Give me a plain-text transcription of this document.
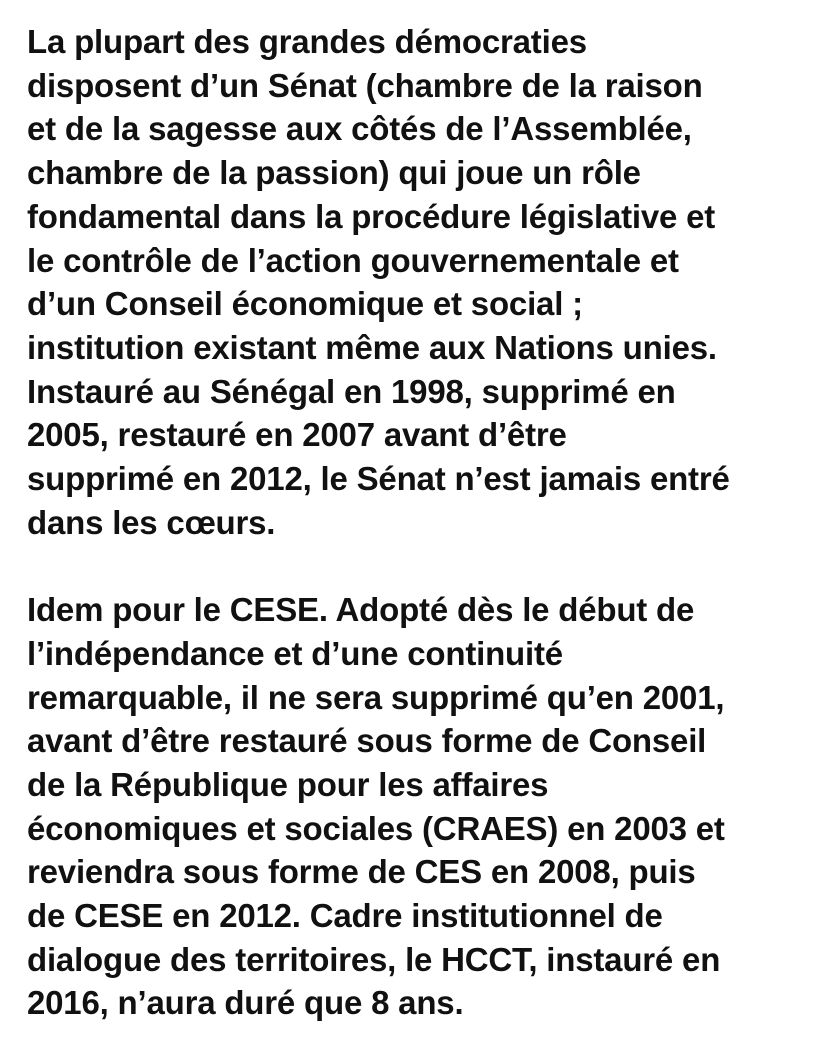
La plupart des grandes démocraties
disposent d’un Sénat (chambre de la raison
et de la sagesse aux côtés de l’Assemblée,
chambre de la passion) qui joue un rôle
fondamental dans la procédure législative et
le contrôle de l’action gouvernementale et
d’un Conseil économique et social ;
institution existant même aux Nations unies.
Instauré au Sénégal en 1998, supprimé en
2005, restauré en 2007 avant d’être
supprimé en 2012, le Sénat n’est jamais entré
dans les cœurs.
Idem pour le CESE. Adopté dès le début de
l’indépendance et d’une continuité
remarquable, il ne sera supprimé qu’en 2001,
avant d’être restauré sous forme de Conseil
de la République pour les affaires
économiques et sociales (CRAES) en 2003 et
reviendra sous forme de CES en 2008, puis
de CESE en 2012. Cadre institutionnel de
dialogue des territoires, le HCCT, instauré en
2016, n’aura duré que 8 ans.
